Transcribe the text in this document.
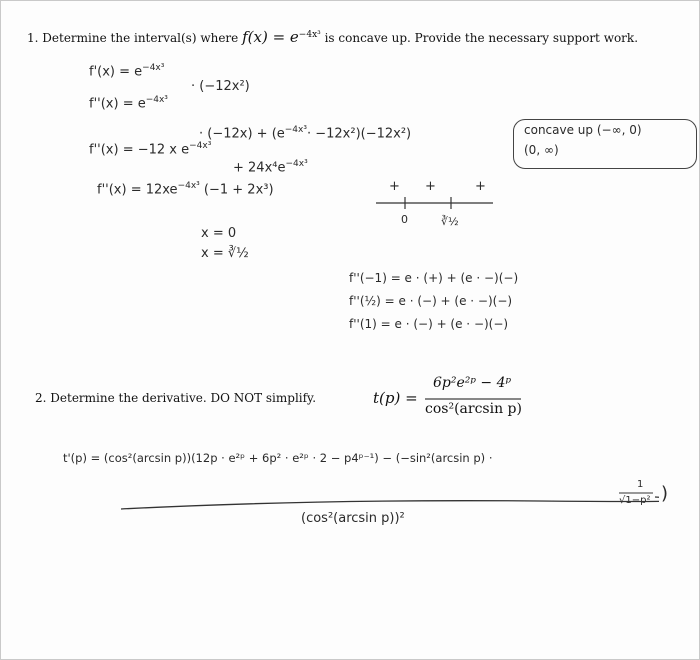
1. Determine the interval(s) where $f(x) = e^{-4x^3}$ is concave up. Provide the necessary support work.
$f'(x) = e^{-4x^3}$
· (−12x²)
$f''(x) = e^{-4x^3}$
· $(-12x) + (e^{-4x^3}\cdot -12x^2)(-12x^2)$
f''(x) = −12 x $e^{-4x^3}$
+ $24x^4e^{-4x^3}$
$f''(x) = 12xe^{-4x^3}$ (−1 + 2x³)
x = 0
x = ∛½
concave up (−∞, 0)
(0, ∞)
+ +	+
0	∛½
f''(−1) = e · (+) + (e · −)(−)
f''(½) = e · (−) + (e · −)(−)
f''(1) = e · (−) + (e · −)(−)
2. Determine the derivative. DO NOT simplify.	t(p) =
6p²e²ᵖ − 4ᵖ
cos²(arcsin p)
t'(p) = (cos²(arcsin p))(12p · e²ᵖ + 6p² · e²ᵖ · 2 − p4ᵖ⁻¹) − (−sin²(arcsin p) ·
1
√1−p² )
(cos²(arcsin p))²
